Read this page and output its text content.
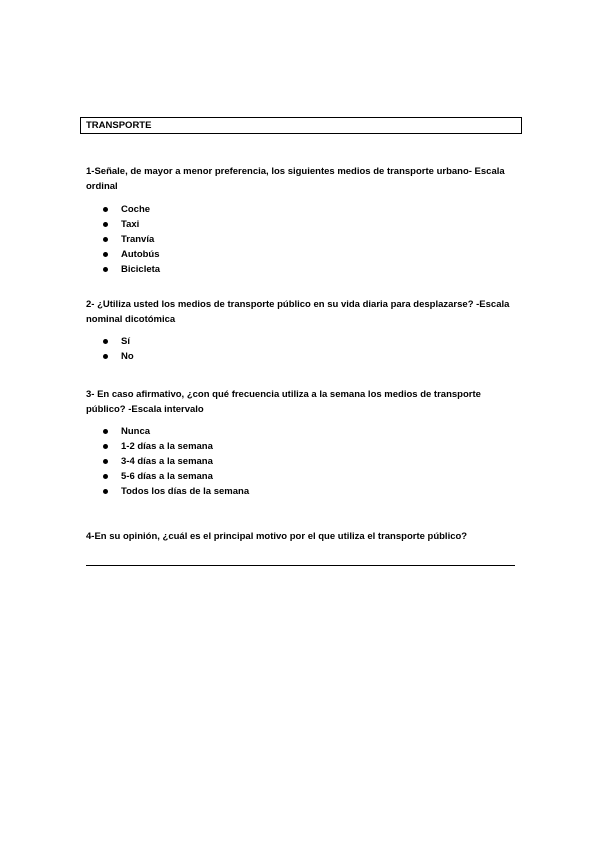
TRANSPORTE
1-Señale, de mayor a menor preferencia, los siguientes medios de transporte urbano- Escala ordinal
Coche
Taxi
Tranvía
Autobús
Bicicleta
2- ¿Utiliza usted los medios de transporte público en su vida diaria para desplazarse? -Escala nominal dicotómica
Sí
No
3- En caso afirmativo, ¿con qué frecuencia utiliza a la semana los medios de transporte público? -Escala intervalo
Nunca
1-2 días a la semana
3-4 días a la semana
5-6 días a la semana
Todos los días de la semana
4-En su opinión, ¿cuál es el principal motivo por el que utiliza el transporte público?
